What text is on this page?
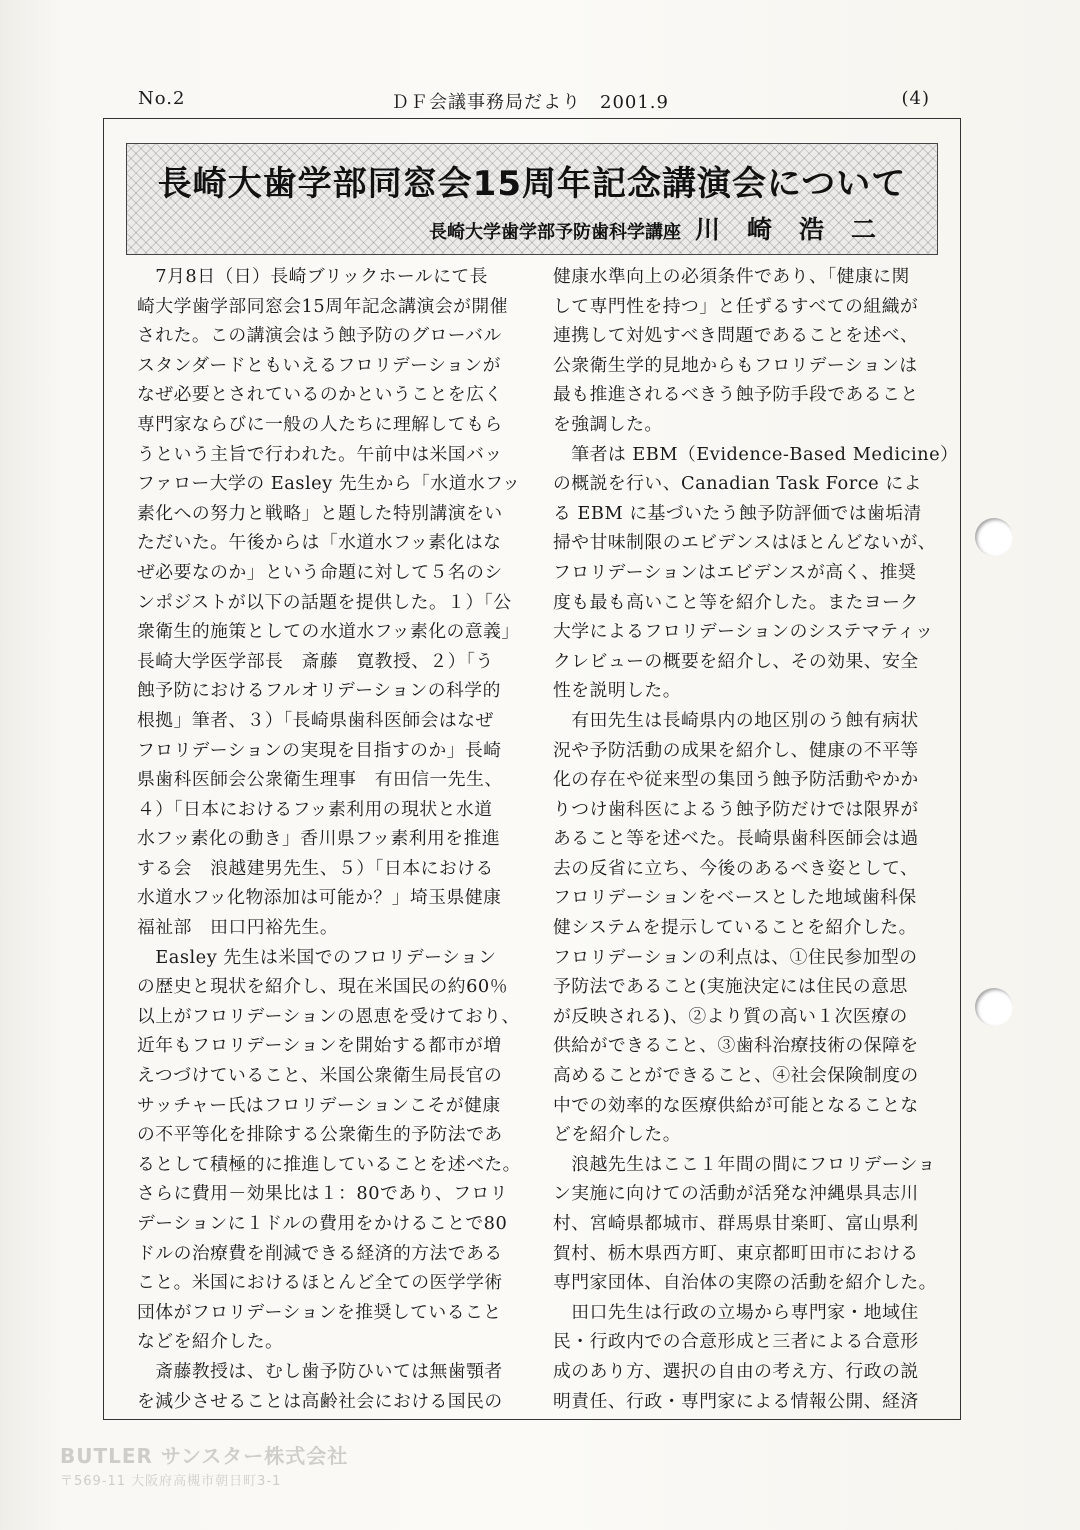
No.2	ＤＦ会議事務局だより　2001.9	(4)
長崎大歯学部同窓会15周年記念講演会について
長崎大学歯学部予防歯科学講座 川崎浩二
　7月8日（日）長崎ブリックホールにて長
崎大学歯学部同窓会15周年記念講演会が開催
された。この講演会はう蝕予防のグローバル
スタンダードともいえるフロリデーションが
なぜ必要とされているのかということを広く
専門家ならびに一般の人たちに理解してもら
うという主旨で行われた。午前中は米国バッ
ファロー大学の Easley 先生から「水道水フッ
素化への努力と戦略」と題した特別講演をい
ただいた。午後からは「水道水フッ素化はな
ぜ必要なのか」という命題に対して５名のシ
ンポジストが以下の話題を提供した。１）「公
衆衛生的施策としての水道水フッ素化の意義」
長崎大学医学部長　斎藤　寛教授、２）「う
蝕予防におけるフルオリデーションの科学的
根拠」筆者、３）「長崎県歯科医師会はなぜ
フロリデーションの実現を目指すのか」長崎
県歯科医師会公衆衛生理事　有田信一先生、
４）「日本におけるフッ素利用の現状と水道
水フッ素化の動き」香川県フッ素利用を推進
する会　浪越建男先生、５）「日本における
水道水フッ化物添加は可能か？」埼玉県健康
福祉部　田口円裕先生。
　Easley 先生は米国でのフロリデーション
の歴史と現状を紹介し、現在米国民の約60％
以上がフロリデーションの恩恵を受けており、
近年もフロリデーションを開始する都市が増
えつづけていること、米国公衆衛生局長官の
サッチャー氏はフロリデーションこそが健康
の不平等化を排除する公衆衛生的予防法であ
るとして積極的に推進していることを述べた。
さらに費用－効果比は１：80であり、フロリ
デーションに１ドルの費用をかけることで80
ドルの治療費を削減できる経済的方法である
こと。米国におけるほとんど全ての医学学術
団体がフロリデーションを推奨していること
などを紹介した。
　斎藤教授は、むし歯予防ひいては無歯顎者
を減少させることは高齢社会における国民の
健康水準向上の必須条件であり、「健康に関
して専門性を持つ」と任ずるすべての組織が
連携して対処すべき問題であることを述べ、
公衆衛生学的見地からもフロリデーションは
最も推進されるべきう蝕予防手段であること
を強調した。
　筆者は EBM（Evidence-Based Medicine）
の概説を行い、Canadian Task Force によ
る EBM に基づいたう蝕予防評価では歯垢清
掃や甘味制限のエビデンスはほとんどないが、
フロリデーションはエビデンスが高く、推奨
度も最も高いこと等を紹介した。またヨーク
大学によるフロリデーションのシステマティッ
クレビューの概要を紹介し、その効果、安全
性を説明した。
　有田先生は長崎県内の地区別のう蝕有病状
況や予防活動の成果を紹介し、健康の不平等
化の存在や従来型の集団う蝕予防活動やかか
りつけ歯科医によるう蝕予防だけでは限界が
あること等を述べた。長崎県歯科医師会は過
去の反省に立ち、今後のあるべき姿として、
フロリデーションをベースとした地域歯科保
健システムを提示していることを紹介した。
フロリデーションの利点は、①住民参加型の
予防法であること(実施決定には住民の意思
が反映される)、②より質の高い１次医療の
供給ができること、③歯科治療技術の保障を
高めることができること、④社会保険制度の
中での効率的な医療供給が可能となることな
どを紹介した。
　浪越先生はここ１年間の間にフロリデーショ
ン実施に向けての活動が活発な沖縄県具志川
村、宮崎県都城市、群馬県甘楽町、富山県利
賀村、栃木県西方町、東京都町田市における
専門家団体、自治体の実際の活動を紹介した。
　田口先生は行政の立場から専門家・地域住
民・行政内での合意形成と三者による合意形
成のあり方、選択の自由の考え方、行政の説
明責任、行政・専門家による情報公開、経済
BUTLER サンスター株式会社
〒569-11 大阪府高槻市朝日町3-1
